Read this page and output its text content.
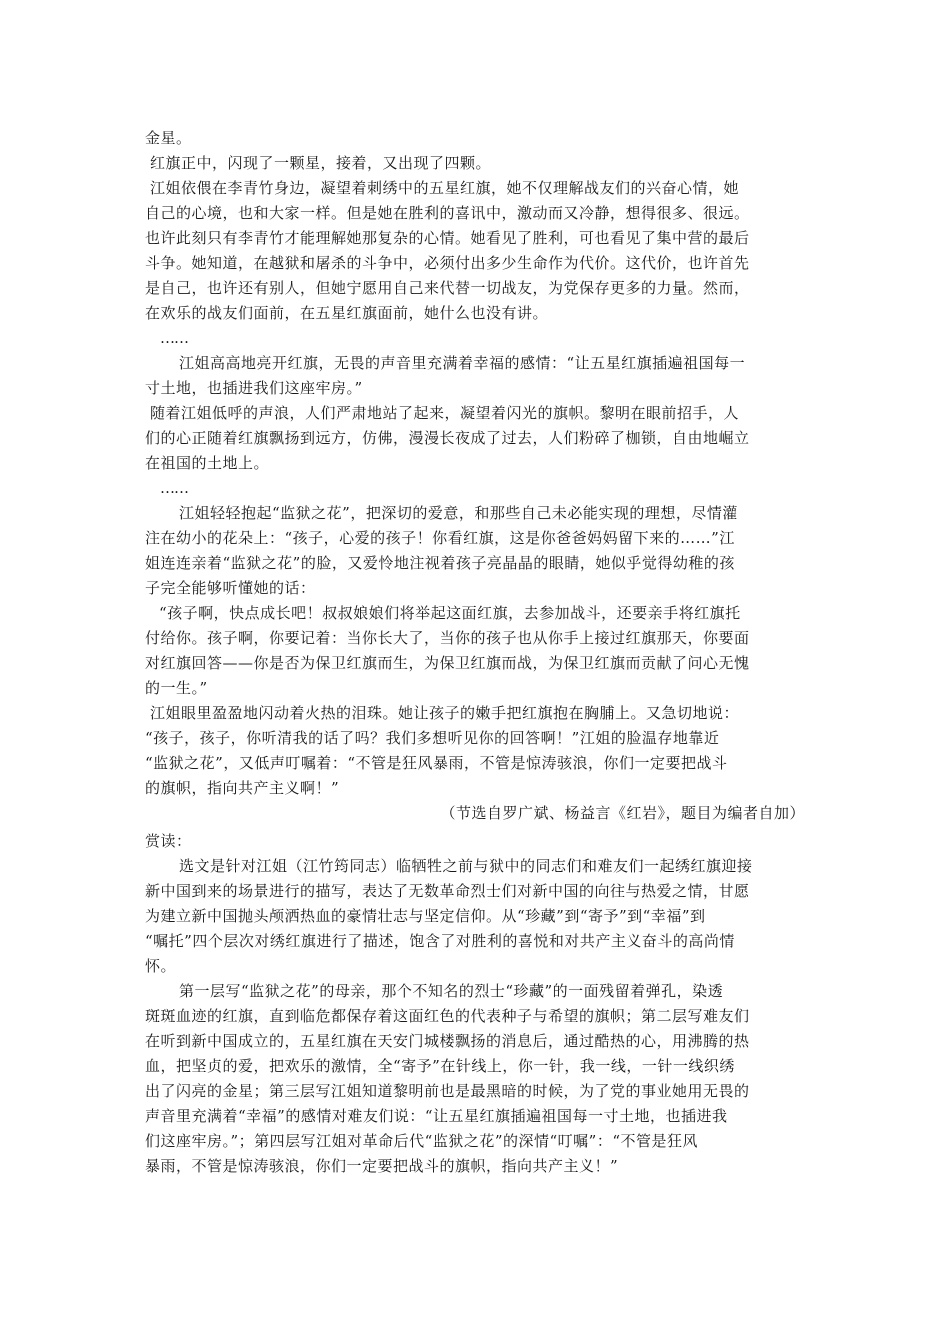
金星。
红旗正中，闪现了一颗星，接着，又出现了四颗。
江姐依偎在李青竹身边，凝望着刺绣中的五星红旗，她不仅理解战友们的兴奋心情，她
自己的心境，也和大家一样。但是她在胜利的喜讯中，激动而又冷静，想得很多、很远。
也许此刻只有李青竹才能理解她那复杂的心情。她看见了胜利，可也看见了集中营的最后
斗争。她知道，在越狱和屠杀的斗争中，必须付出多少生命作为代价。这代价，也许首先
是自己，也许还有别人，但她宁愿用自己来代替一切战友，为党保存更多的力量。然而，
在欢乐的战友们面前，在五星红旗面前，她什么也没有讲。
……
江姐高高地亮开红旗，无畏的声音里充满着幸福的感情：“让五星红旗插遍祖国每一
寸土地，也插进我们这座牢房。”
随着江姐低呼的声浪，人们严肃地站了起来，凝望着闪光的旗帜。黎明在眼前招手，人
们的心正随着红旗飘扬到远方，仿佛，漫漫长夜成了过去，人们粉碎了枷锁，自由地崛立
在祖国的土地上。
……
江姐轻轻抱起“监狱之花”，把深切的爱意，和那些自己未必能实现的理想，尽情灌
注在幼小的花朵上：“孩子，心爱的孩子！你看红旗，这是你爸爸妈妈留下来的……”江
姐连连亲着“监狱之花”的脸，又爱怜地注视着孩子亮晶晶的眼睛，她似乎觉得幼稚的孩
子完全能够听懂她的话：
“孩子啊，快点成长吧！叔叔娘娘们将举起这面红旗，去参加战斗，还要亲手将红旗托
付给你。孩子啊，你要记着：当你长大了，当你的孩子也从你手上接过红旗那天，你要面
对红旗回答——你是否为保卫红旗而生，为保卫红旗而战，为保卫红旗而贡献了问心无愧
的一生。”
江姐眼里盈盈地闪动着火热的泪珠。她让孩子的嫩手把红旗抱在胸脯上。又急切地说：
“孩子，孩子，你听清我的话了吗？我们多想听见你的回答啊！”江姐的脸温存地靠近
“监狱之花”，又低声叮嘱着：“不管是狂风暴雨，不管是惊涛骇浪，你们一定要把战斗
的旗帜，指向共产主义啊！”
（节选自罗广斌、杨益言《红岩》，题目为编者自加）
赏读：
选文是针对江姐（江竹筠同志）临牺牲之前与狱中的同志们和难友们一起绣红旗迎接
新中国到来的场景进行的描写，表达了无数革命烈士们对新中国的向往与热爱之情，甘愿
为建立新中国抛头颅洒热血的豪情壮志与坚定信仰。从“珍藏”到“寄予”到“幸福”到
“嘱托”四个层次对绣红旗进行了描述，饱含了对胜利的喜悦和对共产主义奋斗的高尚情
怀。
第一层写“监狱之花”的母亲，那个不知名的烈士“珍藏”的一面残留着弹孔，染透
斑斑血迹的红旗，直到临危都保存着这面红色的代表种子与希望的旗帜；第二层写难友们
在听到新中国成立的，五星红旗在天安门城楼飘扬的消息后，通过酷热的心，用沸腾的热
血，把坚贞的爱，把欢乐的激情，全“寄予”在针线上，你一针，我一线，一针一线织绣
出了闪亮的金星；第三层写江姐知道黎明前也是最黑暗的时候，为了党的事业她用无畏的
声音里充满着“幸福”的感情对难友们说：“让五星红旗插遍祖国每一寸土地，也插进我
们这座牢房。”；第四层写江姐对革命后代“监狱之花”的深情“叮嘱”：“不管是狂风
暴雨，不管是惊涛骇浪，你们一定要把战斗的旗帜，指向共产主义！”
